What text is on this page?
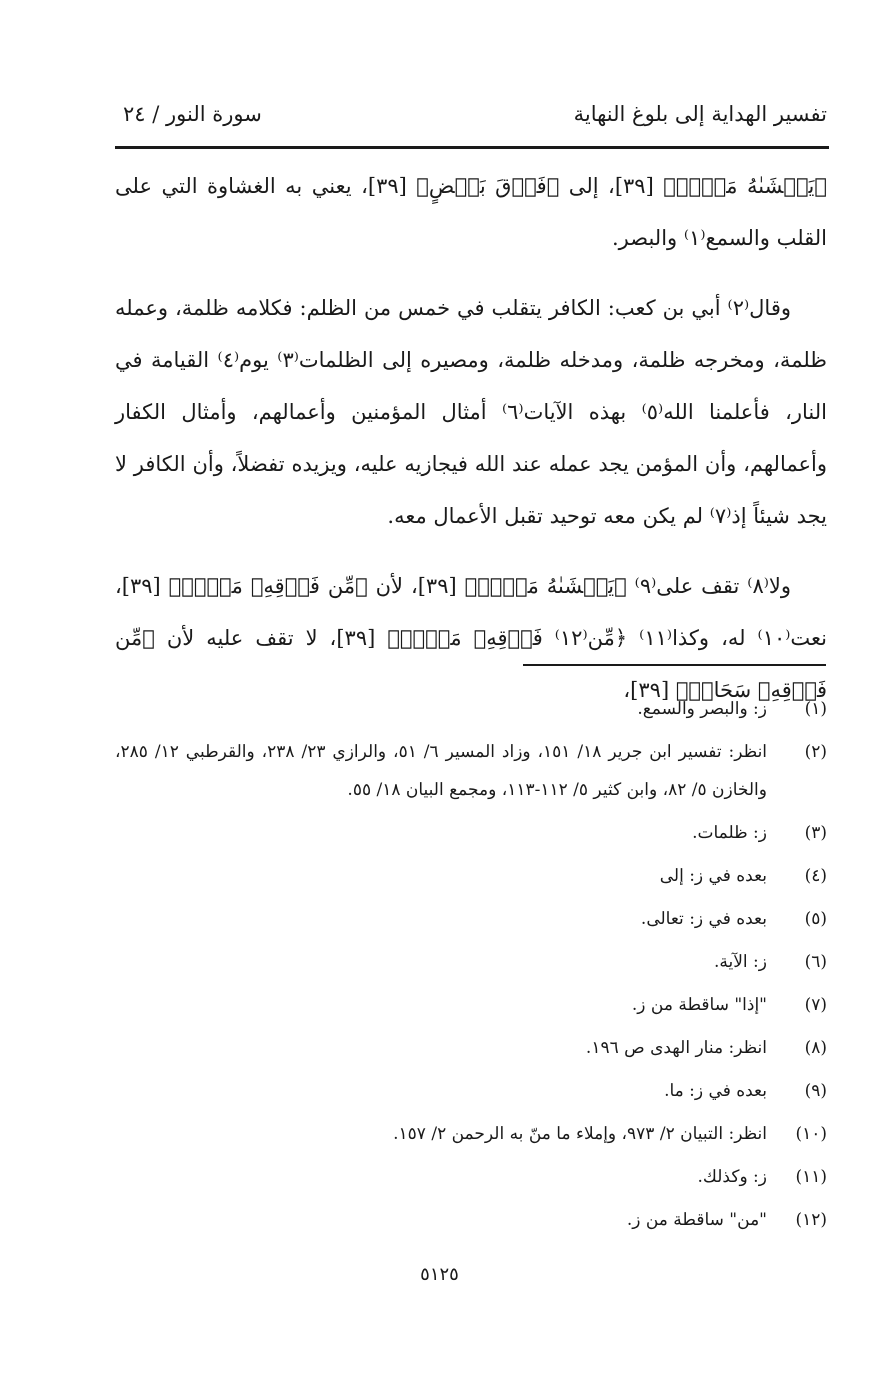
تفسير الهداية إلى بلوغ النهاية
سورة النور / ٢٤

﴿يَغۡشَىٰهُ مَوۡجٞ﴾ [٣٩]، إلى ﴿فَوۡقَ بَعۡضٍ﴾ [٣٩]، يعني به الغشاوة التي على القلب والسمع⁽١⁾ والبصر.

وقال⁽٢⁾ أبي بن كعب: الكافر يتقلب في خمس من الظلم: فكلامه ظلمة، وعمله ظلمة، ومخرجه ظلمة، ومدخله ظلمة، ومصيره إلى الظلمات⁽٣⁾ يوم⁽٤⁾ القيامة في النار، فأعلمنا الله⁽٥⁾ بهذه الآيات⁽٦⁾ أمثال المؤمنين وأعمالهم، وأمثال الكفار وأعمالهم، وأن المؤمن يجد عمله عند الله فيجازيه عليه، ويزيده تفضلاً، وأن الكافر لا يجد شيئاً إذ⁽٧⁾ لم يكن معه توحيد تقبل الأعمال معه.

ولا⁽٨⁾ تقف على⁽٩⁾ ﴿يَغۡشَىٰهُ مَوۡجٞ﴾ [٣٩]، لأن ﴿مِّن فَوۡقِهِۦ مَوۡجٞ﴾ [٣٩]، نعت⁽١٠⁾ له، وكذا⁽١١⁾ ﴿مِّن⁽١٢⁾ فَوۡقِهِۦ مَوۡجٞ﴾ [٣٩]، لا تقف عليه لأن ﴿مِّن فَوۡقِهِۦ سَحَابٞ﴾ [٣٩]،

(١)
ز: والبصر والسمع.
(٢)
انظر: تفسير ابن جرير ١٨/ ١٥١، وزاد المسير ٦/ ٥١، والرازي ٢٣/ ٢٣٨، والقرطبي ١٢/ ٢٨٥، والخازن ٥/ ٨٢، وابن كثير ٥/ ١١٢-١١٣، ومجمع البيان ١٨/ ٥٥.
(٣)
ز: ظلمات.
(٤)
بعده في ز: إلى
(٥)
بعده في ز: تعالى.
(٦)
ز: الآية.
(٧)
"إذا" ساقطة من ز.
(٨)
انظر: منار الهدى ص ١٩٦.
(٩)
بعده في ز: ما.
(١٠)
انظر: التبيان ٢/ ٩٧٣، وإملاء ما منّ به الرحمن ٢/ ١٥٧.
(١١)
ز: وكذلك.
(١٢)
"من" ساقطة من ز.
٥١٢٥
